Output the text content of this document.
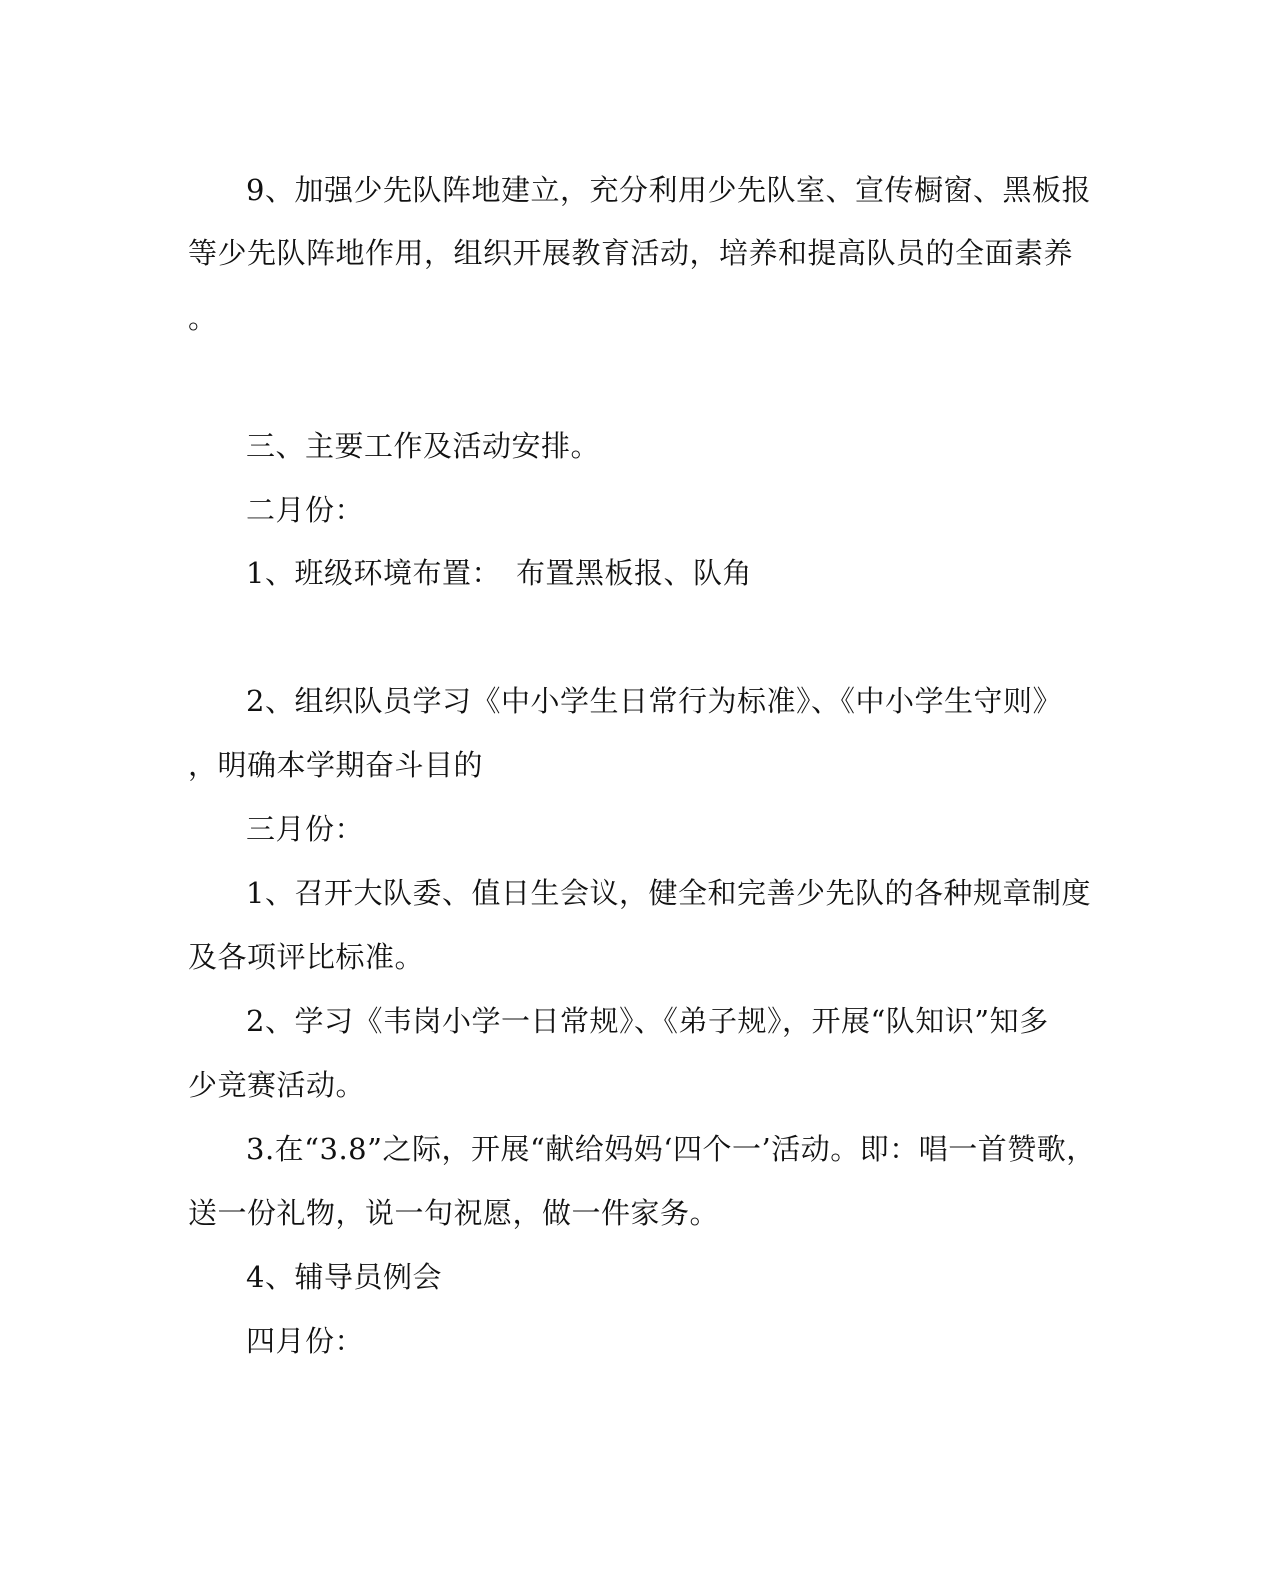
9、加强少先队阵地建立，充分利用少先队室、宣传橱窗、黑板报
等少先队阵地作用，组织开展教育活动，培养和提高队员的全面素养
。
三、主要工作及活动安排。
二月份：
1、班级环境布置：　布置黑板报、队角
2、组织队员学习《中小学生日常行为标准》、《中小学生守则》
，明确本学期奋斗目的
三月份：
1、召开大队委、值日生会议，健全和完善少先队的各种规章制度
及各项评比标准。
2、学习《韦岗小学一日常规》、《弟子规》，开展“队知识”知多
少竞赛活动。
3.在“3.8”之际，开展“献给妈妈‘四个一’活动。即：唱一首赞歌，
送一份礼物，说一句祝愿，做一件家务。
4、辅导员例会
四月份：
